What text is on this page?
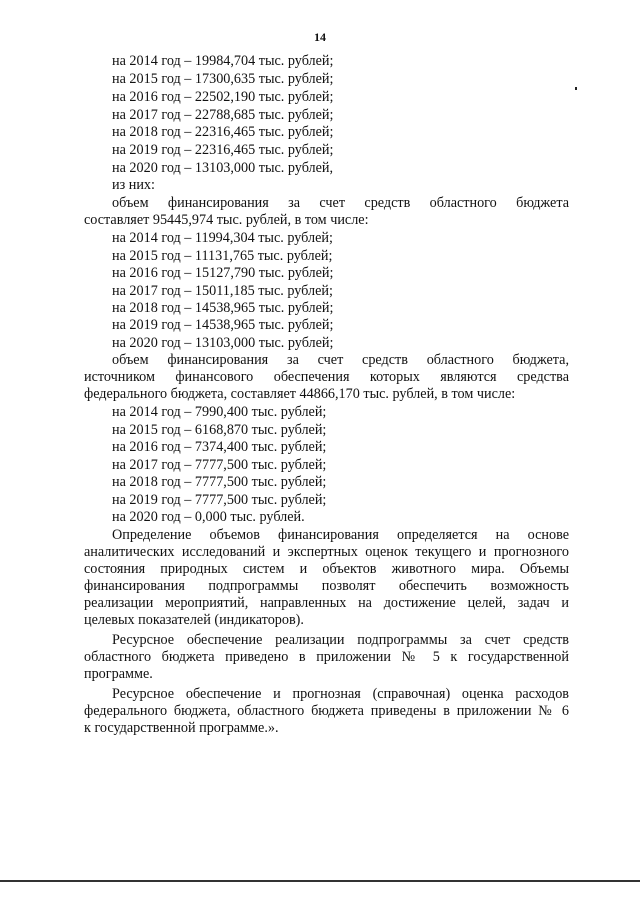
14
на 2014 год – 19984,704 тыс. рублей;
на 2015 год – 17300,635 тыс. рублей;
на 2016 год – 22502,190 тыс. рублей;
на 2017 год – 22788,685 тыс. рублей;
на 2018 год – 22316,465 тыс. рублей;
на 2019 год – 22316,465 тыс. рублей;
на 2020 год – 13103,000 тыс. рублей,
из них:
объем финансирования за счет средств областного бюджета
составляет 95445,974 тыс. рублей, в том числе:
на 2014 год – 11994,304 тыс. рублей;
на 2015 год – 11131,765 тыс. рублей;
на 2016 год – 15127,790 тыс. рублей;
на 2017 год – 15011,185 тыс. рублей;
на 2018 год – 14538,965 тыс. рублей;
на 2019 год – 14538,965 тыс. рублей;
на 2020 год – 13103,000 тыс. рублей;
объем финансирования за счет средств областного бюджета,
источником финансового обеспечения которых являются средства
федерального бюджета, составляет 44866,170 тыс. рублей, в том числе:
на 2014 год – 7990,400 тыс. рублей;
на 2015 год – 6168,870 тыс. рублей;
на 2016 год – 7374,400 тыс. рублей;
на 2017 год – 7777,500 тыс. рублей;
на 2018 год – 7777,500 тыс. рублей;
на 2019 год – 7777,500 тыс. рублей;
на 2020 год – 0,000 тыс. рублей.
Определение объемов финансирования определяется на основе
аналитических исследований и экспертных оценок текущего и прогнозного
состояния природных систем и объектов животного мира. Объемы
финансирования подпрограммы позволят обеспечить возможность
реализации мероприятий, направленных на достижение целей, задач и
целевых показателей (индикаторов).
Ресурсное обеспечение реализации подпрограммы за счет средств
областного бюджета приведено в приложении № 5 к государственной
программе.
Ресурсное обеспечение и прогнозная (справочная) оценка расходов
федерального бюджета, областного бюджета приведены в приложении № 6
к государственной программе.».
